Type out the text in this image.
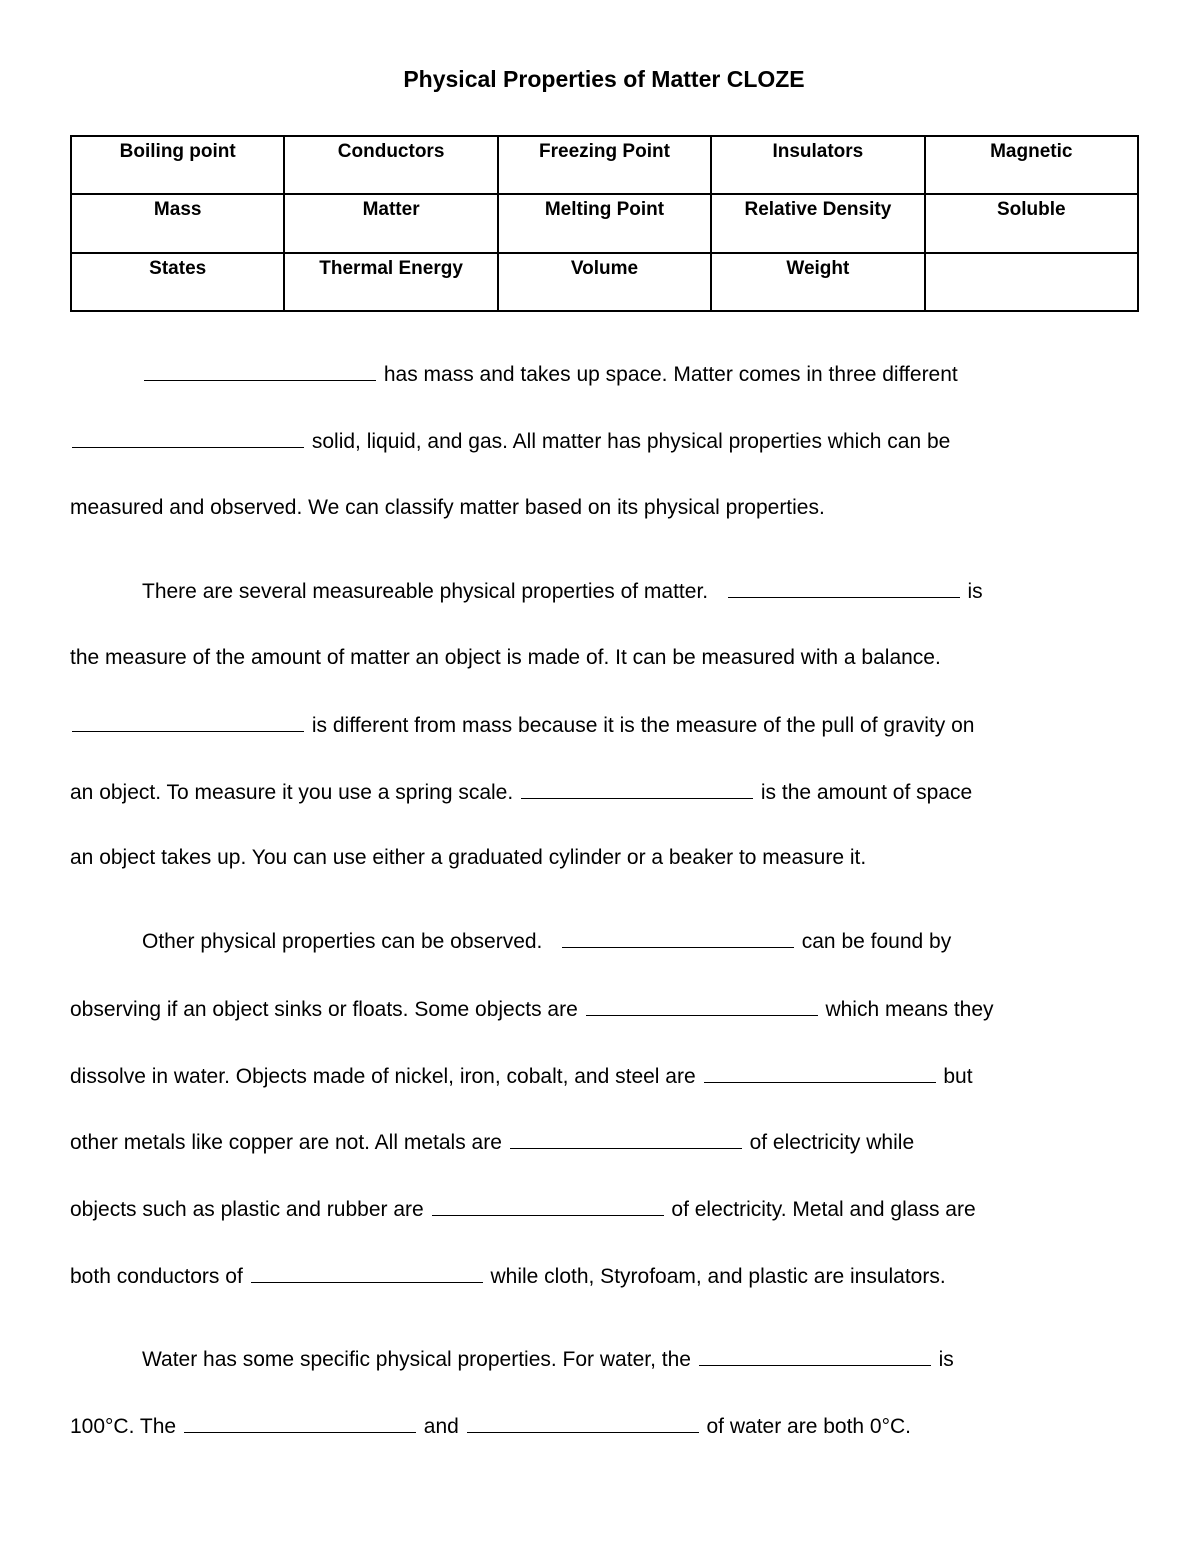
Physical Properties of Matter CLOZE
Boiling point	Conductors	Freezing Point	Insulators	Magnetic
Mass	Matter	Melting Point	Relative Density	Soluble
States	Thermal Energy	Volume	Weight	

has mass and takes up space. Matter comes in three different

solid, liquid, and gas. All matter has physical properties which can be

measured and observed. We can classify matter based on its physical properties.

There are several measureable physical properties of matter.	is

the measure of the amount of matter an object is made of. It can be measured with a balance.

is different from mass because it is the measure of the pull of gravity on

an object. To measure it you use a spring scale.	is the amount of space

an object takes up. You can use either a graduated cylinder or a beaker to measure it.

Other physical properties can be observed.	can be found by

observing if an object sinks or floats. Some objects are	which means they

dissolve in water. Objects made of nickel, iron, cobalt, and steel are	but

other metals like copper are not. All metals are	of electricity while

objects such as plastic and rubber are	of electricity. Metal and glass are

both conductors of	while cloth, Styrofoam, and plastic are insulators.

Water has some specific physical properties. For water, the	is

100°C. The	and	of water are both 0°C.
